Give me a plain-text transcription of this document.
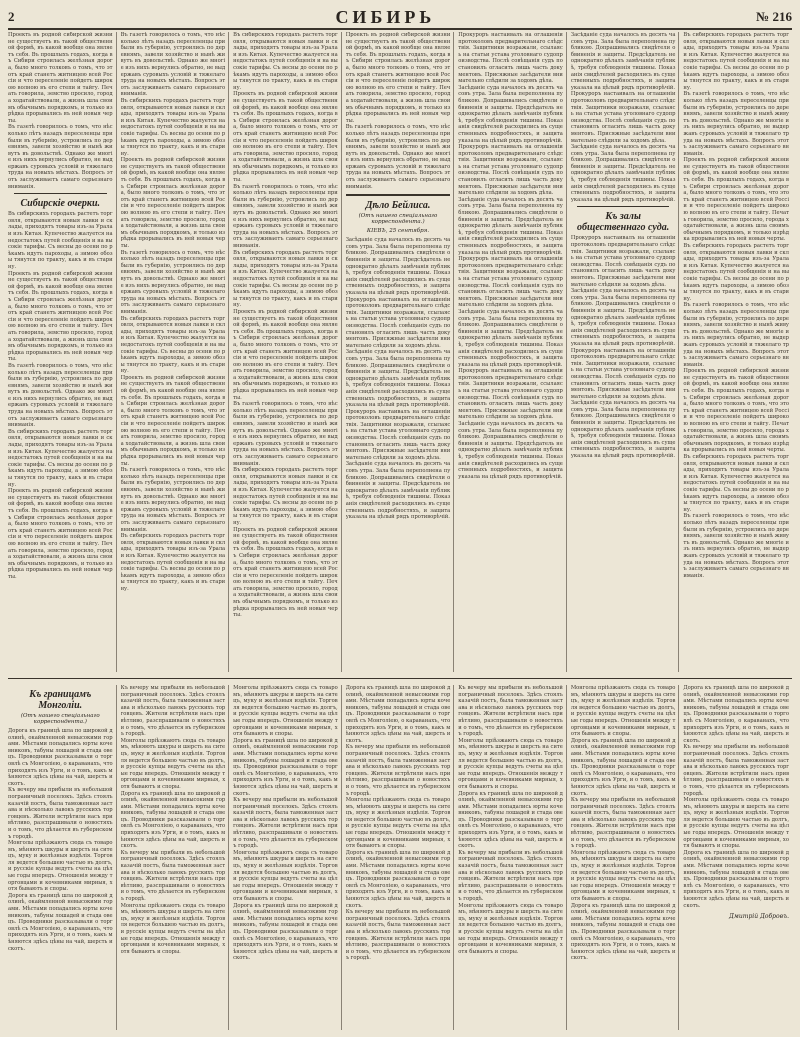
2	СИБИРЬ	№ 216
Проекть въ родной сибирской жизни не существуетъ въ такой общественной формѣ, въ какой вообще она являетъ себя. Въ прошлыхъ годахъ, когда въ Сибири строилась желѣзная дорога, было много толковъ о томъ, что этотъ край станетъ житницею всей Россіи и что переселеніе пойдетъ широкою волною въ его степи и тайгу. Печать говорила, земство просило, города ходатайствовали, а жизнь шла своимъ обычнымъ порядкомъ, и только изрѣдка прорывались въ ней новыя черты.
Въ газетѣ говорилось о томъ, что нѣсколько лѣтъ назадъ переселенцы прибыли въ губернію, устроились по деревнямъ, завели хозяйство и нынѣ живутъ въ довольствѣ. Однако же многіе изъ нихъ вернулись обратно, не выдержавъ суровыхъ условій и тяжелаго труда на новыхъ мѣстахъ. Вопросъ этотъ заслуживаетъ самаго серьезнаго вниманія.
Сибирскіе очерки.
Въ сибирскихъ городахъ растетъ торговля, открываются новыя лавки и склады, приходятъ товары изъ-за Урала и изъ Китая. Купечество жалуется на недостатокъ путей сообщенія и на высокіе тарифы. Съ весны до осени по рѣкамъ идутъ пароходы, а зимою обозы тянутся по тракту, какъ и въ старину.
Проекть въ родной сибирской жизни не существуетъ въ такой общественной формѣ, въ какой вообще она являетъ себя. Въ прошлыхъ годахъ, когда въ Сибири строилась желѣзная дорога, было много толковъ о томъ, что этотъ край станетъ житницею всей Россіи и что переселеніе пойдетъ широкою волною въ его степи и тайгу. Печать говорила, земство просило, города ходатайствовали, а жизнь шла своимъ обычнымъ порядкомъ, и только изрѣдка прорывались въ ней новыя черты.
Въ газетѣ говорилось о томъ, что нѣсколько лѣтъ назадъ переселенцы прибыли въ губернію, устроились по деревнямъ, завели хозяйство и нынѣ живутъ въ довольствѣ. Однако же многіе изъ нихъ вернулись обратно, не выдержавъ суровыхъ условій и тяжелаго труда на новыхъ мѣстахъ. Вопросъ этотъ заслуживаетъ самаго серьезнаго вниманія.
Въ сибирскихъ городахъ растетъ торговля, открываются новыя лавки и склады, приходятъ товары изъ-за Урала и изъ Китая. Купечество жалуется на недостатокъ путей сообщенія и на высокіе тарифы. Съ весны до осени по рѣкамъ идутъ пароходы, а зимою обозы тянутся по тракту, какъ и въ старину.
Проекть въ родной сибирской жизни не существуетъ въ такой общественной формѣ, въ какой вообще она являетъ себя. Въ прошлыхъ годахъ, когда въ Сибири строилась желѣзная дорога, было много толковъ о томъ, что этотъ край станетъ житницею всей Россіи и что переселеніе пойдетъ широкою волною въ его степи и тайгу. Печать говорила, земство просило, города ходатайствовали, а жизнь шла своимъ обычнымъ порядкомъ, и только изрѣдка прорывались въ ней новыя черты.
Въ газетѣ говорилось о томъ, что нѣсколько лѣтъ назадъ переселенцы прибыли въ губернію, устроились по деревнямъ, завели хозяйство и нынѣ живутъ въ довольствѣ. Однако же многіе изъ нихъ вернулись обратно, не выдержавъ суровыхъ условій и тяжелаго труда на новыхъ мѣстахъ. Вопросъ этотъ заслуживаетъ самаго серьезнаго вниманія.
Въ сибирскихъ городахъ растетъ торговля, открываются новыя лавки и склады, приходятъ товары изъ-за Урала и изъ Китая. Купечество жалуется на недостатокъ путей сообщенія и на высокіе тарифы. Съ весны до осени по рѣкамъ идутъ пароходы, а зимою обозы тянутся по тракту, какъ и въ старину.
Проекть въ родной сибирской жизни не существуетъ въ такой общественной формѣ, въ какой вообще она являетъ себя. Въ прошлыхъ годахъ, когда въ Сибири строилась желѣзная дорога, было много толковъ о томъ, что этотъ край станетъ житницею всей Россіи и что переселеніе пойдетъ широкою волною въ его степи и тайгу. Печать говорила, земство просило, города ходатайствовали, а жизнь шла своимъ обычнымъ порядкомъ, и только изрѣдка прорывались въ ней новыя черты.
Въ газетѣ говорилось о томъ, что нѣсколько лѣтъ назадъ переселенцы прибыли въ губернію, устроились по деревнямъ, завели хозяйство и нынѣ живутъ въ довольствѣ. Однако же многіе изъ нихъ вернулись обратно, не выдержавъ суровыхъ условій и тяжелаго труда на новыхъ мѣстахъ. Вопросъ этотъ заслуживаетъ самаго серьезнаго вниманія.
Въ сибирскихъ городахъ растетъ торговля, открываются новыя лавки и склады, приходятъ товары изъ-за Урала и изъ Китая. Купечество жалуется на недостатокъ путей сообщенія и на высокіе тарифы. Съ весны до осени по рѣкамъ идутъ пароходы, а зимою обозы тянутся по тракту, какъ и въ старину.
Проекть въ родной сибирской жизни не существуетъ въ такой общественной формѣ, въ какой вообще она являетъ себя. Въ прошлыхъ годахъ, когда въ Сибири строилась желѣзная дорога, было много толковъ о томъ, что этотъ край станетъ житницею всей Россіи и что переселеніе пойдетъ широкою волною въ его степи и тайгу. Печать говорила, земство просило, города ходатайствовали, а жизнь шла своимъ обычнымъ порядкомъ, и только изрѣдка прорывались въ ней новыя черты.
Въ газетѣ говорилось о томъ, что нѣсколько лѣтъ назадъ переселенцы прибыли въ губернію, устроились по деревнямъ, завели хозяйство и нынѣ живутъ въ довольствѣ. Однако же многіе изъ нихъ вернулись обратно, не выдержавъ суровыхъ условій и тяжелаго труда на новыхъ мѣстахъ. Вопросъ этотъ заслуживаетъ самаго серьезнаго вниманія.
Въ сибирскихъ городахъ растетъ торговля, открываются новыя лавки и склады, приходятъ товары изъ-за Урала и изъ Китая. Купечество жалуется на недостатокъ путей сообщенія и на высокіе тарифы. Съ весны до осени по рѣкамъ идутъ пароходы, а зимою обозы тянутся по тракту, какъ и въ старину.
Въ сибирскихъ городахъ растетъ торговля, открываются новыя лавки и склады, приходятъ товары изъ-за Урала и изъ Китая. Купечество жалуется на недостатокъ путей сообщенія и на высокіе тарифы. Съ весны до осени по рѣкамъ идутъ пароходы, а зимою обозы тянутся по тракту, какъ и въ старину.
Проекть въ родной сибирской жизни не существуетъ въ такой общественной формѣ, въ какой вообще она являетъ себя. Въ прошлыхъ годахъ, когда въ Сибири строилась желѣзная дорога, было много толковъ о томъ, что этотъ край станетъ житницею всей Россіи и что переселеніе пойдетъ широкою волною въ его степи и тайгу. Печать говорила, земство просило, города ходатайствовали, а жизнь шла своимъ обычнымъ порядкомъ, и только изрѣдка прорывались въ ней новыя черты.
Въ газетѣ говорилось о томъ, что нѣсколько лѣтъ назадъ переселенцы прибыли въ губернію, устроились по деревнямъ, завели хозяйство и нынѣ живутъ въ довольствѣ. Однако же многіе изъ нихъ вернулись обратно, не выдержавъ суровыхъ условій и тяжелаго труда на новыхъ мѣстахъ. Вопросъ этотъ заслуживаетъ самаго серьезнаго вниманія.
Въ сибирскихъ городахъ растетъ торговля, открываются новыя лавки и склады, приходятъ товары изъ-за Урала и изъ Китая. Купечество жалуется на недостатокъ путей сообщенія и на высокіе тарифы. Съ весны до осени по рѣкамъ идутъ пароходы, а зимою обозы тянутся по тракту, какъ и въ старину.
Проекть въ родной сибирской жизни не существуетъ въ такой общественной формѣ, въ какой вообще она являетъ себя. Въ прошлыхъ годахъ, когда въ Сибири строилась желѣзная дорога, было много толковъ о томъ, что этотъ край станетъ житницею всей Россіи и что переселеніе пойдетъ широкою волною въ его степи и тайгу. Печать говорила, земство просило, города ходатайствовали, а жизнь шла своимъ обычнымъ порядкомъ, и только изрѣдка прорывались въ ней новыя черты.
Въ газетѣ говорилось о томъ, что нѣсколько лѣтъ назадъ переселенцы прибыли въ губернію, устроились по деревнямъ, завели хозяйство и нынѣ живутъ въ довольствѣ. Однако же многіе изъ нихъ вернулись обратно, не выдержавъ суровыхъ условій и тяжелаго труда на новыхъ мѣстахъ. Вопросъ этотъ заслуживаетъ самаго серьезнаго вниманія.
Въ сибирскихъ городахъ растетъ торговля, открываются новыя лавки и склады, приходятъ товары изъ-за Урала и изъ Китая. Купечество жалуется на недостатокъ путей сообщенія и на высокіе тарифы. Съ весны до осени по рѣкамъ идутъ пароходы, а зимою обозы тянутся по тракту, какъ и въ старину.
Проекть въ родной сибирской жизни не существуетъ въ такой общественной формѣ, въ какой вообще она являетъ себя. Въ прошлыхъ годахъ, когда въ Сибири строилась желѣзная дорога, было много толковъ о томъ, что этотъ край станетъ житницею всей Россіи и что переселеніе пойдетъ широкою волною въ его степи и тайгу. Печать говорила, земство просило, города ходатайствовали, а жизнь шла своимъ обычнымъ порядкомъ, и только изрѣдка прорывались въ ней новыя черты.
Проекть въ родной сибирской жизни не существуетъ въ такой общественной формѣ, въ какой вообще она являетъ себя. Въ прошлыхъ годахъ, когда въ Сибири строилась желѣзная дорога, было много толковъ о томъ, что этотъ край станетъ житницею всей Россіи и что переселеніе пойдетъ широкою волною въ его степи и тайгу. Печать говорила, земство просило, города ходатайствовали, а жизнь шла своимъ обычнымъ порядкомъ, и только изрѣдка прорывались въ ней новыя черты.
Въ газетѣ говорилось о томъ, что нѣсколько лѣтъ назадъ переселенцы прибыли въ губернію, устроились по деревнямъ, завели хозяйство и нынѣ живутъ въ довольствѣ. Однако же многіе изъ нихъ вернулись обратно, не выдержавъ суровыхъ условій и тяжелаго труда на новыхъ мѣстахъ. Вопросъ этотъ заслуживаетъ самаго серьезнаго вниманія.
Дѣло Бейлиса.
(Отъ нашего спеціальнаго корреспондента.)
КІЕВЪ, 25 сентября.
Засѣданіе суда началось въ десять часовъ утра. Зала была переполнена публикою. Допрашивались свидѣтели обвиненія и защиты. Предсѣдатель неоднократно дѣлалъ замѣчанія публикѣ, требуя соблюденія тишины. Показанія свидѣтелей расходились въ существенныхъ подробностяхъ, и защита указала на цѣлый рядъ противорѣчій.
Прокуроръ настаивалъ на оглашеніи протоколовъ предварительнаго слѣдствія. Защитники возражали, ссылаясь на статьи устава уголовнаго судопроизводства. Послѣ совѣщанія судъ постановилъ огласить лишь часть документовъ. Присяжные засѣдатели внимательно слѣдили за ходомъ дѣла.
Засѣданіе суда началось въ десять часовъ утра. Зала была переполнена публикою. Допрашивались свидѣтели обвиненія и защиты. Предсѣдатель неоднократно дѣлалъ замѣчанія публикѣ, требуя соблюденія тишины. Показанія свидѣтелей расходились въ существенныхъ подробностяхъ, и защита указала на цѣлый рядъ противорѣчій.
Прокуроръ настаивалъ на оглашеніи протоколовъ предварительнаго слѣдствія. Защитники возражали, ссылаясь на статьи устава уголовнаго судопроизводства. Послѣ совѣщанія судъ постановилъ огласить лишь часть документовъ. Присяжные засѣдатели внимательно слѣдили за ходомъ дѣла.
Засѣданіе суда началось въ десять часовъ утра. Зала была переполнена публикою. Допрашивались свидѣтели обвиненія и защиты. Предсѣдатель неоднократно дѣлалъ замѣчанія публикѣ, требуя соблюденія тишины. Показанія свидѣтелей расходились въ существенныхъ подробностяхъ, и защита указала на цѣлый рядъ противорѣчій.
Прокуроръ настаивалъ на оглашеніи протоколовъ предварительнаго слѣдствія. Защитники возражали, ссылаясь на статьи устава уголовнаго судопроизводства. Послѣ совѣщанія судъ постановилъ огласить лишь часть документовъ. Присяжные засѣдатели внимательно слѣдили за ходомъ дѣла.
Засѣданіе суда началось въ десять часовъ утра. Зала была переполнена публикою. Допрашивались свидѣтели обвиненія и защиты. Предсѣдатель неоднократно дѣлалъ замѣчанія публикѣ, требуя соблюденія тишины. Показанія свидѣтелей расходились въ существенныхъ подробностяхъ, и защита указала на цѣлый рядъ противорѣчій.
Прокуроръ настаивалъ на оглашеніи протоколовъ предварительнаго слѣдствія. Защитники возражали, ссылаясь на статьи устава уголовнаго судопроизводства. Послѣ совѣщанія судъ постановилъ огласить лишь часть документовъ. Присяжные засѣдатели внимательно слѣдили за ходомъ дѣла.
Засѣданіе суда началось въ десять часовъ утра. Зала была переполнена публикою. Допрашивались свидѣтели обвиненія и защиты. Предсѣдатель неоднократно дѣлалъ замѣчанія публикѣ, требуя соблюденія тишины. Показанія свидѣтелей расходились въ существенныхъ подробностяхъ, и защита указала на цѣлый рядъ противорѣчій.
Прокуроръ настаивалъ на оглашеніи протоколовъ предварительнаго слѣдствія. Защитники возражали, ссылаясь на статьи устава уголовнаго судопроизводства. Послѣ совѣщанія судъ постановилъ огласить лишь часть документовъ. Присяжные засѣдатели внимательно слѣдили за ходомъ дѣла.
Засѣданіе суда началось въ десять часовъ утра. Зала была переполнена публикою. Допрашивались свидѣтели обвиненія и защиты. Предсѣдатель неоднократно дѣлалъ замѣчанія публикѣ, требуя соблюденія тишины. Показанія свидѣтелей расходились въ существенныхъ подробностяхъ, и защита указала на цѣлый рядъ противорѣчій.
Прокуроръ настаивалъ на оглашеніи протоколовъ предварительнаго слѣдствія. Защитники возражали, ссылаясь на статьи устава уголовнаго судопроизводства. Послѣ совѣщанія судъ постановилъ огласить лишь часть документовъ. Присяжные засѣдатели внимательно слѣдили за ходомъ дѣла.
Засѣданіе суда началось въ десять часовъ утра. Зала была переполнена публикою. Допрашивались свидѣтели обвиненія и защиты. Предсѣдатель неоднократно дѣлалъ замѣчанія публикѣ, требуя соблюденія тишины. Показанія свидѣтелей расходились въ существенныхъ подробностяхъ, и защита указала на цѣлый рядъ противорѣчій.
Засѣданіе суда началось въ десять часовъ утра. Зала была переполнена публикою. Допрашивались свидѣтели обвиненія и защиты. Предсѣдатель неоднократно дѣлалъ замѣчанія публикѣ, требуя соблюденія тишины. Показанія свидѣтелей расходились въ существенныхъ подробностяхъ, и защита указала на цѣлый рядъ противорѣчій.
Прокуроръ настаивалъ на оглашеніи протоколовъ предварительнаго слѣдствія. Защитники возражали, ссылаясь на статьи устава уголовнаго судопроизводства. Послѣ совѣщанія судъ постановилъ огласить лишь часть документовъ. Присяжные засѣдатели внимательно слѣдили за ходомъ дѣла.
Засѣданіе суда началось въ десять часовъ утра. Зала была переполнена публикою. Допрашивались свидѣтели обвиненія и защиты. Предсѣдатель неоднократно дѣлалъ замѣчанія публикѣ, требуя соблюденія тишины. Показанія свидѣтелей расходились въ существенныхъ подробностяхъ, и защита указала на цѣлый рядъ противорѣчій.
Къ залы общественнаго суда.
Прокуроръ настаивалъ на оглашеніи протоколовъ предварительнаго слѣдствія. Защитники возражали, ссылаясь на статьи устава уголовнаго судопроизводства. Послѣ совѣщанія судъ постановилъ огласить лишь часть документовъ. Присяжные засѣдатели внимательно слѣдили за ходомъ дѣла.
Засѣданіе суда началось въ десять часовъ утра. Зала была переполнена публикою. Допрашивались свидѣтели обвиненія и защиты. Предсѣдатель неоднократно дѣлалъ замѣчанія публикѣ, требуя соблюденія тишины. Показанія свидѣтелей расходились въ существенныхъ подробностяхъ, и защита указала на цѣлый рядъ противорѣчій.
Прокуроръ настаивалъ на оглашеніи протоколовъ предварительнаго слѣдствія. Защитники возражали, ссылаясь на статьи устава уголовнаго судопроизводства. Послѣ совѣщанія судъ постановилъ огласить лишь часть документовъ. Присяжные засѣдатели внимательно слѣдили за ходомъ дѣла.
Засѣданіе суда началось въ десять часовъ утра. Зала была переполнена публикою. Допрашивались свидѣтели обвиненія и защиты. Предсѣдатель неоднократно дѣлалъ замѣчанія публикѣ, требуя соблюденія тишины. Показанія свидѣтелей расходились въ существенныхъ подробностяхъ, и защита указала на цѣлый рядъ противорѣчій.
Въ сибирскихъ городахъ растетъ торговля, открываются новыя лавки и склады, приходятъ товары изъ-за Урала и изъ Китая. Купечество жалуется на недостатокъ путей сообщенія и на высокіе тарифы. Съ весны до осени по рѣкамъ идутъ пароходы, а зимою обозы тянутся по тракту, какъ и въ старину.
Въ газетѣ говорилось о томъ, что нѣсколько лѣтъ назадъ переселенцы прибыли въ губернію, устроились по деревнямъ, завели хозяйство и нынѣ живутъ въ довольствѣ. Однако же многіе изъ нихъ вернулись обратно, не выдержавъ суровыхъ условій и тяжелаго труда на новыхъ мѣстахъ. Вопросъ этотъ заслуживаетъ самаго серьезнаго вниманія.
Проекть въ родной сибирской жизни не существуетъ въ такой общественной формѣ, въ какой вообще она являетъ себя. Въ прошлыхъ годахъ, когда въ Сибири строилась желѣзная дорога, было много толковъ о томъ, что этотъ край станетъ житницею всей Россіи и что переселеніе пойдетъ широкою волною въ его степи и тайгу. Печать говорила, земство просило, города ходатайствовали, а жизнь шла своимъ обычнымъ порядкомъ, и только изрѣдка прорывались въ ней новыя черты.
Въ сибирскихъ городахъ растетъ торговля, открываются новыя лавки и склады, приходятъ товары изъ-за Урала и изъ Китая. Купечество жалуется на недостатокъ путей сообщенія и на высокіе тарифы. Съ весны до осени по рѣкамъ идутъ пароходы, а зимою обозы тянутся по тракту, какъ и въ старину.
Въ газетѣ говорилось о томъ, что нѣсколько лѣтъ назадъ переселенцы прибыли въ губернію, устроились по деревнямъ, завели хозяйство и нынѣ живутъ въ довольствѣ. Однако же многіе изъ нихъ вернулись обратно, не выдержавъ суровыхъ условій и тяжелаго труда на новыхъ мѣстахъ. Вопросъ этотъ заслуживаетъ самаго серьезнаго вниманія.
Проекть въ родной сибирской жизни не существуетъ въ такой общественной формѣ, въ какой вообще она являетъ себя. Въ прошлыхъ годахъ, когда въ Сибири строилась желѣзная дорога, было много толковъ о томъ, что этотъ край станетъ житницею всей Россіи и что переселеніе пойдетъ широкою волною въ его степи и тайгу. Печать говорила, земство просило, города ходатайствовали, а жизнь шла своимъ обычнымъ порядкомъ, и только изрѣдка прорывались въ ней новыя черты.
Въ сибирскихъ городахъ растетъ торговля, открываются новыя лавки и склады, приходятъ товары изъ-за Урала и изъ Китая. Купечество жалуется на недостатокъ путей сообщенія и на высокіе тарифы. Съ весны до осени по рѣкамъ идутъ пароходы, а зимою обозы тянутся по тракту, какъ и въ старину.
Въ газетѣ говорилось о томъ, что нѣсколько лѣтъ назадъ переселенцы прибыли въ губернію, устроились по деревнямъ, завели хозяйство и нынѣ живутъ въ довольствѣ. Однако же многіе изъ нихъ вернулись обратно, не выдержавъ суровыхъ условій и тяжелаго труда на новыхъ мѣстахъ. Вопросъ этотъ заслуживаетъ самаго серьезнаго вниманія.
Къ границамъ Монголіи.
(Отъ нашего спеціальнаго корреспондента.)
Дорога къ границѣ шла по широкой долинѣ, окаймленной невысокими горами. Мѣстами попадались юрты кочевниковъ, табуны лошадей и стада овецъ. Проводники разсказывали о торговлѣ съ Монголіею, о караванахъ, что приходятъ изъ Урги, и о томъ, какъ мѣняются здѣсь цѣны на чай, шерсть и скотъ.
Къ вечеру мы прибыли въ небольшой пограничный поселокъ. Здѣсь стоялъ казачій постъ, была таможенная застава и нѣсколько лавокъ русскихъ торговцевъ. Жители встрѣтили насъ привѣтливо, разспрашивали о новостяхъ и о томъ, что дѣлается въ губернскомъ городѣ.
Монголы пріѣзжаютъ сюда съ товаромъ, мѣняютъ шкуры и шерсть на ситецъ, муку и желѣзныя издѣлія. Торговля ведется большею частью въ долгъ, и русскіе купцы ведутъ счеты на цѣлые годы впередъ. Отношенія между торговцами и кочевниками мирныя, хотя бываютъ и споры.
Дорога къ границѣ шла по широкой долинѣ, окаймленной невысокими горами. Мѣстами попадались юрты кочевниковъ, табуны лошадей и стада овецъ. Проводники разсказывали о торговлѣ съ Монголіею, о караванахъ, что приходятъ изъ Урги, и о томъ, какъ мѣняются здѣсь цѣны на чай, шерсть и скотъ.
Къ вечеру мы прибыли въ небольшой пограничный поселокъ. Здѣсь стоялъ казачій постъ, была таможенная застава и нѣсколько лавокъ русскихъ торговцевъ. Жители встрѣтили насъ привѣтливо, разспрашивали о новостяхъ и о томъ, что дѣлается въ губернскомъ городѣ.
Монголы пріѣзжаютъ сюда съ товаромъ, мѣняютъ шкуры и шерсть на ситецъ, муку и желѣзныя издѣлія. Торговля ведется большею частью въ долгъ, и русскіе купцы ведутъ счеты на цѣлые годы впередъ. Отношенія между торговцами и кочевниками мирныя, хотя бываютъ и споры.
Дорога къ границѣ шла по широкой долинѣ, окаймленной невысокими горами. Мѣстами попадались юрты кочевниковъ, табуны лошадей и стада овецъ. Проводники разсказывали о торговлѣ съ Монголіею, о караванахъ, что приходятъ изъ Урги, и о томъ, какъ мѣняются здѣсь цѣны на чай, шерсть и скотъ.
Къ вечеру мы прибыли въ небольшой пограничный поселокъ. Здѣсь стоялъ казачій постъ, была таможенная застава и нѣсколько лавокъ русскихъ торговцевъ. Жители встрѣтили насъ привѣтливо, разспрашивали о новостяхъ и о томъ, что дѣлается въ губернскомъ городѣ.
Монголы пріѣзжаютъ сюда съ товаромъ, мѣняютъ шкуры и шерсть на ситецъ, муку и желѣзныя издѣлія. Торговля ведется большею частью въ долгъ, и русскіе купцы ведутъ счеты на цѣлые годы впередъ. Отношенія между торговцами и кочевниками мирныя, хотя бываютъ и споры.
Монголы пріѣзжаютъ сюда съ товаромъ, мѣняютъ шкуры и шерсть на ситецъ, муку и желѣзныя издѣлія. Торговля ведется большею частью въ долгъ, и русскіе купцы ведутъ счеты на цѣлые годы впередъ. Отношенія между торговцами и кочевниками мирныя, хотя бываютъ и споры.
Дорога къ границѣ шла по широкой долинѣ, окаймленной невысокими горами. Мѣстами попадались юрты кочевниковъ, табуны лошадей и стада овецъ. Проводники разсказывали о торговлѣ съ Монголіею, о караванахъ, что приходятъ изъ Урги, и о томъ, какъ мѣняются здѣсь цѣны на чай, шерсть и скотъ.
Къ вечеру мы прибыли въ небольшой пограничный поселокъ. Здѣсь стоялъ казачій постъ, была таможенная застава и нѣсколько лавокъ русскихъ торговцевъ. Жители встрѣтили насъ привѣтливо, разспрашивали о новостяхъ и о томъ, что дѣлается въ губернскомъ городѣ.
Монголы пріѣзжаютъ сюда съ товаромъ, мѣняютъ шкуры и шерсть на ситецъ, муку и желѣзныя издѣлія. Торговля ведется большею частью въ долгъ, и русскіе купцы ведутъ счеты на цѣлые годы впередъ. Отношенія между торговцами и кочевниками мирныя, хотя бываютъ и споры.
Дорога къ границѣ шла по широкой долинѣ, окаймленной невысокими горами. Мѣстами попадались юрты кочевниковъ, табуны лошадей и стада овецъ. Проводники разсказывали о торговлѣ съ Монголіею, о караванахъ, что приходятъ изъ Урги, и о томъ, какъ мѣняются здѣсь цѣны на чай, шерсть и скотъ.
Дорога къ границѣ шла по широкой долинѣ, окаймленной невысокими горами. Мѣстами попадались юрты кочевниковъ, табуны лошадей и стада овецъ. Проводники разсказывали о торговлѣ съ Монголіею, о караванахъ, что приходятъ изъ Урги, и о томъ, какъ мѣняются здѣсь цѣны на чай, шерсть и скотъ.
Къ вечеру мы прибыли въ небольшой пограничный поселокъ. Здѣсь стоялъ казачій постъ, была таможенная застава и нѣсколько лавокъ русскихъ торговцевъ. Жители встрѣтили насъ привѣтливо, разспрашивали о новостяхъ и о томъ, что дѣлается въ губернскомъ городѣ.
Монголы пріѣзжаютъ сюда съ товаромъ, мѣняютъ шкуры и шерсть на ситецъ, муку и желѣзныя издѣлія. Торговля ведется большею частью въ долгъ, и русскіе купцы ведутъ счеты на цѣлые годы впередъ. Отношенія между торговцами и кочевниками мирныя, хотя бываютъ и споры.
Дорога къ границѣ шла по широкой долинѣ, окаймленной невысокими горами. Мѣстами попадались юрты кочевниковъ, табуны лошадей и стада овецъ. Проводники разсказывали о торговлѣ съ Монголіею, о караванахъ, что приходятъ изъ Урги, и о томъ, какъ мѣняются здѣсь цѣны на чай, шерсть и скотъ.
Къ вечеру мы прибыли въ небольшой пограничный поселокъ. Здѣсь стоялъ казачій постъ, была таможенная застава и нѣсколько лавокъ русскихъ торговцевъ. Жители встрѣтили насъ привѣтливо, разспрашивали о новостяхъ и о томъ, что дѣлается въ губернскомъ городѣ.
Къ вечеру мы прибыли въ небольшой пограничный поселокъ. Здѣсь стоялъ казачій постъ, была таможенная застава и нѣсколько лавокъ русскихъ торговцевъ. Жители встрѣтили насъ привѣтливо, разспрашивали о новостяхъ и о томъ, что дѣлается въ губернскомъ городѣ.
Монголы пріѣзжаютъ сюда съ товаромъ, мѣняютъ шкуры и шерсть на ситецъ, муку и желѣзныя издѣлія. Торговля ведется большею частью въ долгъ, и русскіе купцы ведутъ счеты на цѣлые годы впередъ. Отношенія между торговцами и кочевниками мирныя, хотя бываютъ и споры.
Дорога къ границѣ шла по широкой долинѣ, окаймленной невысокими горами. Мѣстами попадались юрты кочевниковъ, табуны лошадей и стада овецъ. Проводники разсказывали о торговлѣ съ Монголіею, о караванахъ, что приходятъ изъ Урги, и о томъ, какъ мѣняются здѣсь цѣны на чай, шерсть и скотъ.
Къ вечеру мы прибыли въ небольшой пограничный поселокъ. Здѣсь стоялъ казачій постъ, была таможенная застава и нѣсколько лавокъ русскихъ торговцевъ. Жители встрѣтили насъ привѣтливо, разспрашивали о новостяхъ и о томъ, что дѣлается въ губернскомъ городѣ.
Монголы пріѣзжаютъ сюда съ товаромъ, мѣняютъ шкуры и шерсть на ситецъ, муку и желѣзныя издѣлія. Торговля ведется большею частью въ долгъ, и русскіе купцы ведутъ счеты на цѣлые годы впередъ. Отношенія между торговцами и кочевниками мирныя, хотя бываютъ и споры.
Монголы пріѣзжаютъ сюда съ товаромъ, мѣняютъ шкуры и шерсть на ситецъ, муку и желѣзныя издѣлія. Торговля ведется большею частью въ долгъ, и русскіе купцы ведутъ счеты на цѣлые годы впередъ. Отношенія между торговцами и кочевниками мирныя, хотя бываютъ и споры.
Дорога къ границѣ шла по широкой долинѣ, окаймленной невысокими горами. Мѣстами попадались юрты кочевниковъ, табуны лошадей и стада овецъ. Проводники разсказывали о торговлѣ съ Монголіею, о караванахъ, что приходятъ изъ Урги, и о томъ, какъ мѣняются здѣсь цѣны на чай, шерсть и скотъ.
Къ вечеру мы прибыли въ небольшой пограничный поселокъ. Здѣсь стоялъ казачій постъ, была таможенная застава и нѣсколько лавокъ русскихъ торговцевъ. Жители встрѣтили насъ привѣтливо, разспрашивали о новостяхъ и о томъ, что дѣлается въ губернскомъ городѣ.
Монголы пріѣзжаютъ сюда съ товаромъ, мѣняютъ шкуры и шерсть на ситецъ, муку и желѣзныя издѣлія. Торговля ведется большею частью въ долгъ, и русскіе купцы ведутъ счеты на цѣлые годы впередъ. Отношенія между торговцами и кочевниками мирныя, хотя бываютъ и споры.
Дорога къ границѣ шла по широкой долинѣ, окаймленной невысокими горами. Мѣстами попадались юрты кочевниковъ, табуны лошадей и стада овецъ. Проводники разсказывали о торговлѣ съ Монголіею, о караванахъ, что приходятъ изъ Урги, и о томъ, какъ мѣняются здѣсь цѣны на чай, шерсть и скотъ.
Дорога къ границѣ шла по широкой долинѣ, окаймленной невысокими горами. Мѣстами попадались юрты кочевниковъ, табуны лошадей и стада овецъ. Проводники разсказывали о торговлѣ съ Монголіею, о караванахъ, что приходятъ изъ Урги, и о томъ, какъ мѣняются здѣсь цѣны на чай, шерсть и скотъ.
Къ вечеру мы прибыли въ небольшой пограничный поселокъ. Здѣсь стоялъ казачій постъ, была таможенная застава и нѣсколько лавокъ русскихъ торговцевъ. Жители встрѣтили насъ привѣтливо, разспрашивали о новостяхъ и о томъ, что дѣлается въ губернскомъ городѣ.
Монголы пріѣзжаютъ сюда съ товаромъ, мѣняютъ шкуры и шерсть на ситецъ, муку и желѣзныя издѣлія. Торговля ведется большею частью въ долгъ, и русскіе купцы ведутъ счеты на цѣлые годы впередъ. Отношенія между торговцами и кочевниками мирныя, хотя бываютъ и споры.
Дорога къ границѣ шла по широкой долинѣ, окаймленной невысокими горами. Мѣстами попадались юрты кочевниковъ, табуны лошадей и стада овецъ. Проводники разсказывали о торговлѣ съ Монголіею, о караванахъ, что приходятъ изъ Урги, и о томъ, какъ мѣняются здѣсь цѣны на чай, шерсть и скотъ.
Дмитрій Добровъ.
